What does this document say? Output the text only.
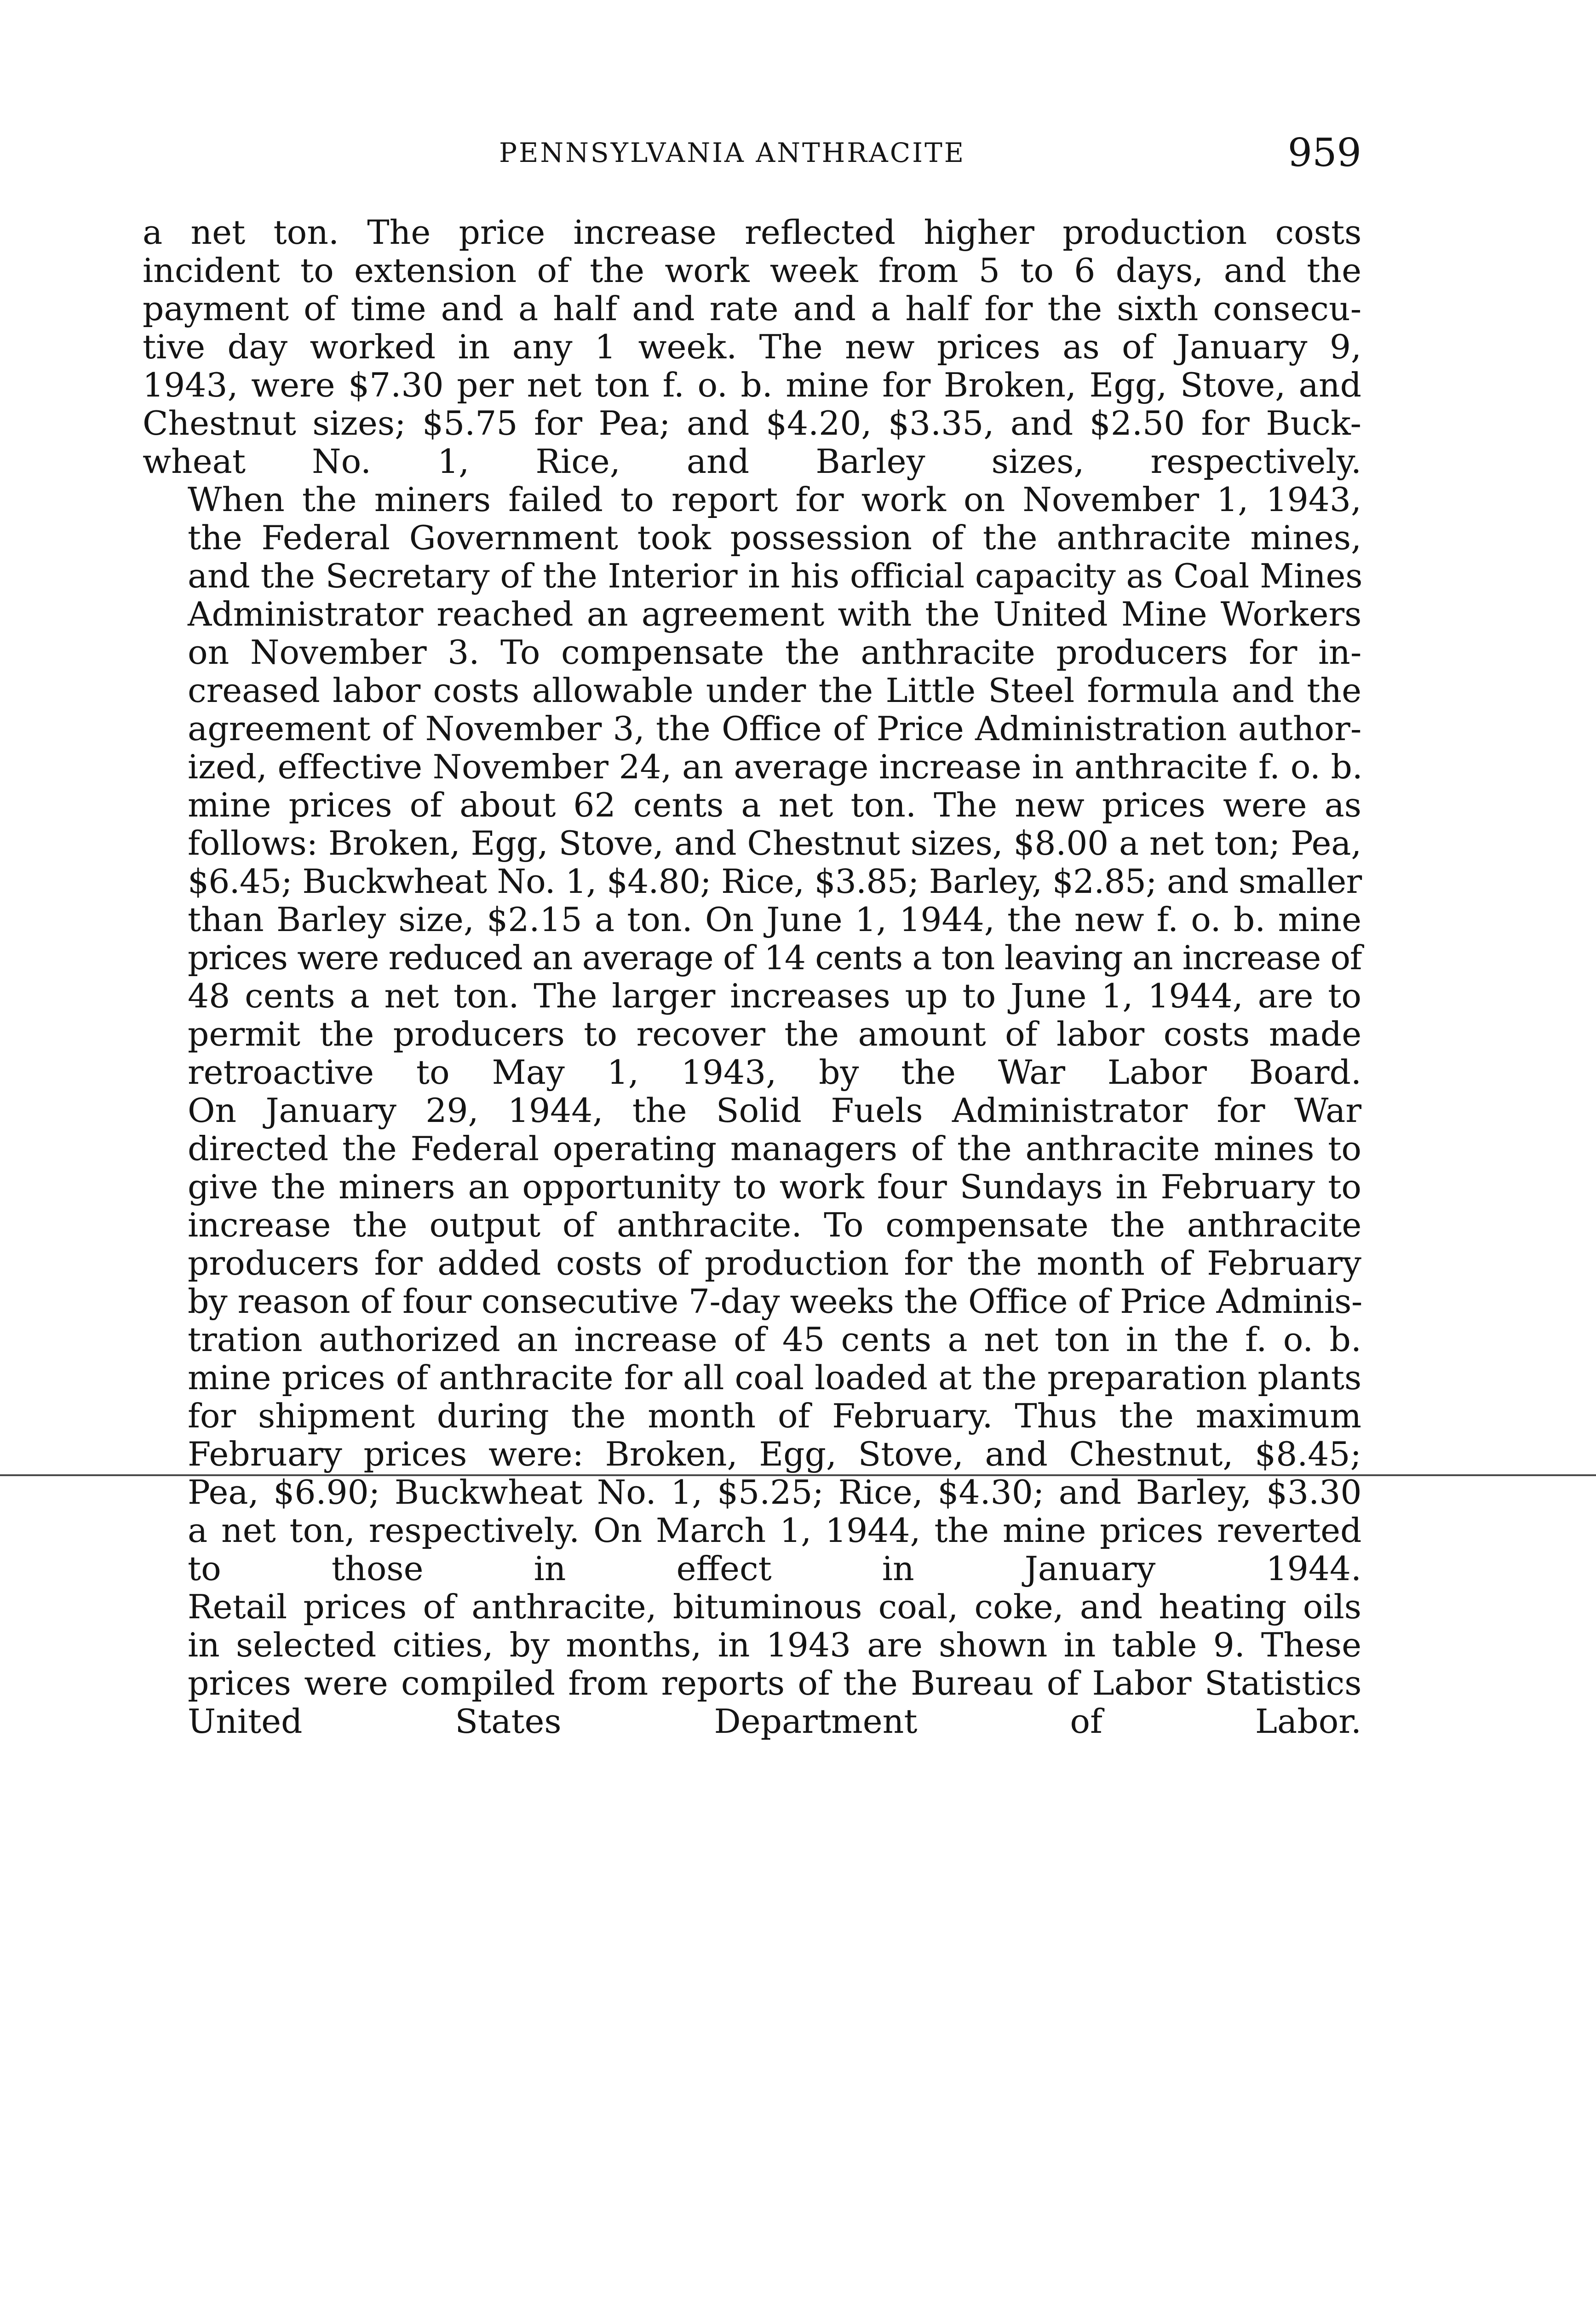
PENNSYLVANIA ANTHRACITE	959
a net ton. The price increase reflected higher production costs
incident to extension of the work week from 5 to 6 days, and the
payment of time and a half and rate and a half for the sixth consecu-
tive day worked in any 1 week. The new prices as of January 9,
1943, were $7.30 per net ton f. o. b. mine for Broken, Egg, Stove, and
Chestnut sizes; $5.75 for Pea; and $4.20, $3.35, and $2.50 for Buck-
wheat No. 1, Rice, and Barley sizes, respectively.
When the miners failed to report for work on November 1, 1943,
the Federal Government took possession of the anthracite mines,
and the Secretary of the Interior in his official capacity as Coal Mines
Administrator reached an agreement with the United Mine Workers
on November 3. To compensate the anthracite producers for in-
creased labor costs allowable under the Little Steel formula and the
agreement of November 3, the Office of Price Administration author-
ized, effective November 24, an average increase in anthracite f. o. b.
mine prices of about 62 cents a net ton. The new prices were as
follows: Broken, Egg, Stove, and Chestnut sizes, $8.00 a net ton; Pea,
$6.45; Buckwheat No. 1, $4.80; Rice, $3.85; Barley, $2.85; and smaller
than Barley size, $2.15 a ton. On June 1, 1944, the new f. o. b. mine
prices were reduced an average of 14 cents a ton leaving an increase of
48 cents a net ton. The larger increases up to June 1, 1944, are to
permit the producers to recover the amount of labor costs made
retroactive to May 1, 1943, by the War Labor Board.
On January 29, 1944, the Solid Fuels Administrator for War
directed the Federal operating managers of the anthracite mines to
give the miners an opportunity to work four Sundays in February to
increase the output of anthracite. To compensate the anthracite
producers for added costs of production for the month of February
by reason of four consecutive 7-day weeks the Office of Price Adminis-
tration authorized an increase of 45 cents a net ton in the f. o. b.
mine prices of anthracite for all coal loaded at the preparation plants
for shipment during the month of February. Thus the maximum
February prices were: Broken, Egg, Stove, and Chestnut, $8.45;
Pea, $6.90; Buckwheat No. 1, $5.25; Rice, $4.30; and Barley, $3.30
a net ton, respectively. On March 1, 1944, the mine prices reverted
to those in effect in January 1944.
Retail prices of anthracite, bituminous coal, coke, and heating oils
in selected cities, by months, in 1943 are shown in table 9. These
prices were compiled from reports of the Bureau of Labor Statistics
United States Department of Labor.
